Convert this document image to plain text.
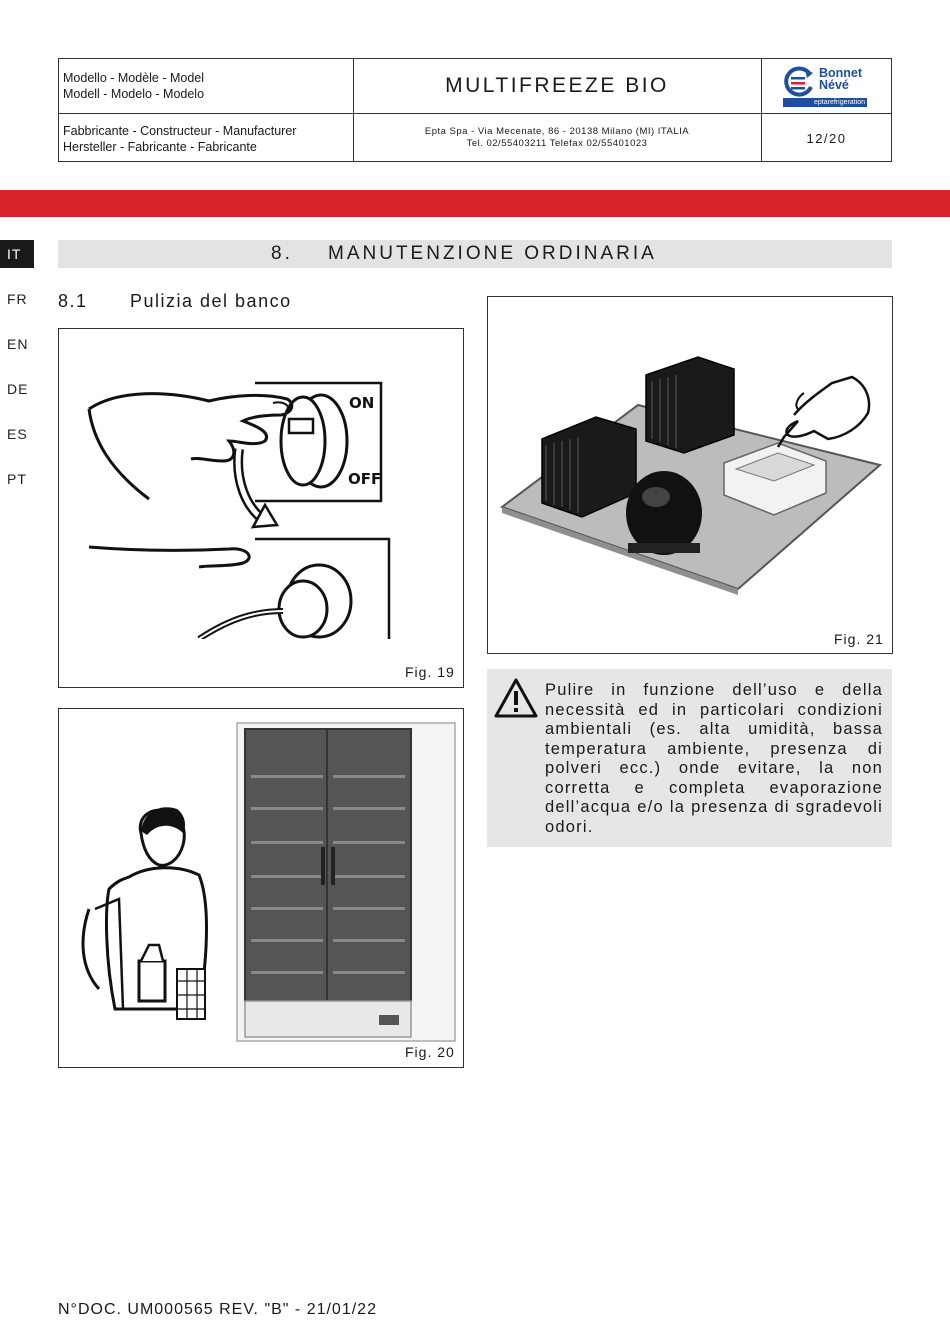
Modello - Modèle - Model
Modell - Modelo - Modelo	MULTIFREEZE BIO
Bonnet
Névé
eptarefrigeration
Fabbricante - Constructeur - Manufacturer
Hersteller - Fabricante - Fabricante
Epta Spa - Via Mecenate, 86 - 20138 Milano (MI) ITALIA
Tel. 02/55403211 Telefax 02/55401023	12/20
IT
FR
EN
DE
ES
PT
8. MANUTENZIONE ORDINARIA
8.1 Pulizia del banco
ON
OFF
Fig. 19
Fig. 20
Fig. 21
Pulire in funzione dell’uso e della necessità ed in particolari condizioni ambientali (es. alta umidità, bassa temperatura ambiente, presenza di polveri ecc.) onde evitare, la non corretta e completa evaporazione dell’acqua e/o la presenza di sgradevoli odori.
N°DOC. UM000565 REV. "B" - 21/01/22
